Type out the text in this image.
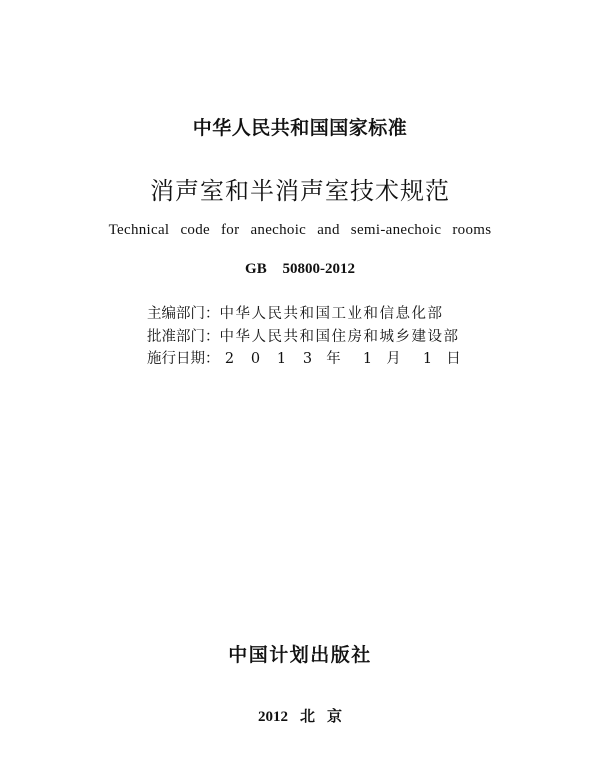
中华人民共和国国家标准
消声室和半消声室技术规范
Technical code for anechoic and semi-anechoic rooms
GB 50800-2012
主编部门：中华人民共和国工业和信息化部
批准部门：中华人民共和国住房和城乡建设部
施行日期： 2 0 1 3 年 1 月 1 日
中国计划出版社
2012 北 京
